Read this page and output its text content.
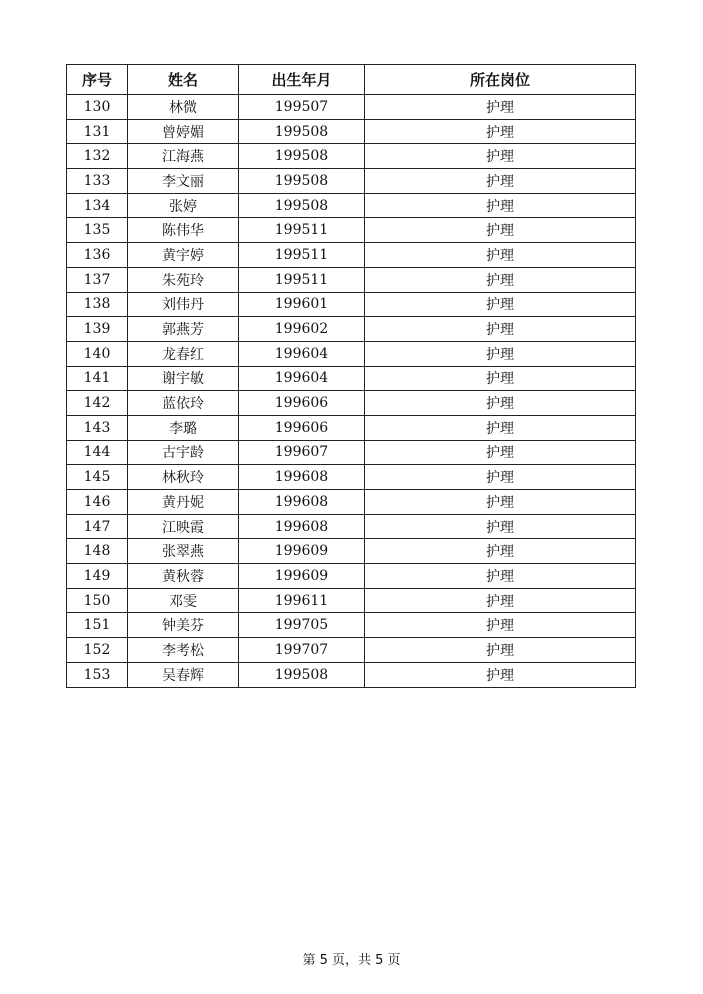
序号	姓名	出生年月	所在岗位
130	林微	199507	护理
131	曾婷媚	199508	护理
132	江海燕	199508	护理
133	李文丽	199508	护理
134	张婷	199508	护理
135	陈伟华	199511	护理
136	黄宇婷	199511	护理
137	朱苑玲	199511	护理
138	刘伟丹	199601	护理
139	郭燕芳	199602	护理
140	龙春红	199604	护理
141	谢宇敏	199604	护理
142	蓝依玲	199606	护理
143	李璐	199606	护理
144	古宇龄	199607	护理
145	林秋玲	199608	护理
146	黄丹妮	199608	护理
147	江映霞	199608	护理
148	张翠燕	199609	护理
149	黄秋蓉	199609	护理
150	邓雯	199611	护理
151	钟美芬	199705	护理
152	李考松	199707	护理
153	吴春辉	199508	护理
第 5 页，共 5 页
